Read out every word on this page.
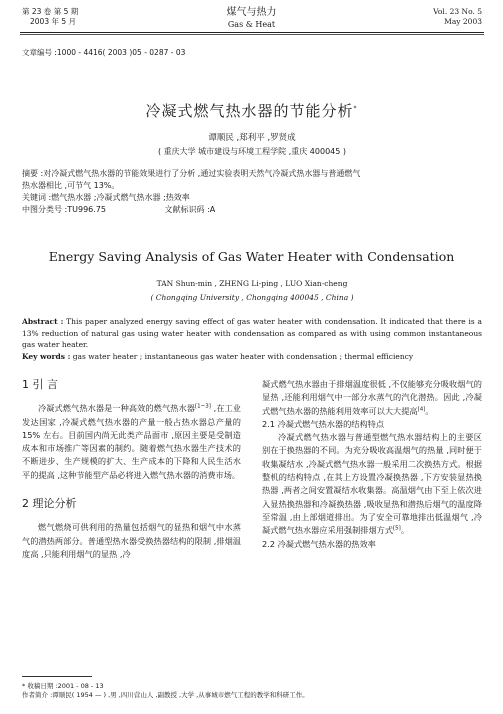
第 23 卷 第 5 期
2003 年 5 月
煤气与热力
Gas & Heat
Vol. 23 No. 5
May 2003
文章编号 :1000 - 4416( 2003 )05 - 0287 - 03
冷凝式燃气热水器的节能分析*
谭顺民 ,郑利平 ,罗贤成
( 重庆大学 城市建设与环境工程学院 ,重庆 400045 )
摘要 :对冷凝式燃气热水器的节能效果进行了分析 ,通过实验表明天然气冷凝式热水器与普通燃气
热水器相比 ,可节气 13%。
关键词 :燃气热水器 ;冷凝式燃气热水器 ;热效率
中图分类号 :TU996.75	文献标识码 :A
Energy Saving Analysis of Gas Water Heater with Condensation
TAN Shun-min , ZHENG Li-ping , LUO Xian-cheng
( Chongqing University , Chongqing 400045 , China )

Abstract : This paper analyzed energy saving effect of gas water heater with condensation. It indicated that there is a 13% reduction of natural gas using water heater with condensation as compared as with using common instantaneous gas water heater.

Key words : gas water heater ; instantaneous gas water heater with condensation ; thermal efficiency

1 引 言

冷凝式燃气热水器是一种高效的燃气热水器[1~3] ,在工业发达国家 ,冷凝式燃气热水器的产量一般占热水器总产量的 15% 左右。目前国内尚无此类产品面市 ,原因主要是受制造成本和市场推广等因素的制约。随着燃气热水器生产技术的不断进步、生产规模的扩大、生产成本的下降和人民生活水平的提高 ,这种节能型产品必将进入燃气热水器的消费市场。

2 理论分析

燃气燃烧可供利用的热量包括烟气的显热和烟气中水蒸气的潜热两部分。普通型热水器受换热器结构的限制 ,排烟温度高 ,只能利用烟气的显热 ,冷

凝式燃气热水器由于排烟温度很低 ,不仅能够充分吸收烟气的显热 ,还能利用烟气中一部分水蒸气的汽化潜热。因此 ,冷凝式燃气热水器的热能利用效率可以大大提高[4]。

2.1 冷凝式燃气热水器的结构特点

冷凝式燃气热水器与普通型燃气热水器结构上的主要区别在于换热器的不同。为充分吸收高温烟气的热量 ,同时便于收集凝结水 ,冷凝式燃气热水器一般采用二次换热方式。根据整机的结构特点 ,在其上方设置冷凝换热器 ,下方安装显热换热器 ,两者之间安置凝结水收集器。高温烟气由下至上依次进入显热换热器和冷凝换热器 ,吸收显热和潜热后烟气的温度降至常温 ,由上部烟道排出。为了安全可靠地排出低温烟气 ,冷凝式燃气热水器应采用强制排烟方式[5]。

2.2 冷凝式燃气热水器的热效率
* 收稿日期 :2001 - 08 - 13
作者简介 :谭顺民( 1954 — ) ,男 ,四川营山人 ,副教授 ,大学 ,从事城市燃气工程的教学和科研工作。
